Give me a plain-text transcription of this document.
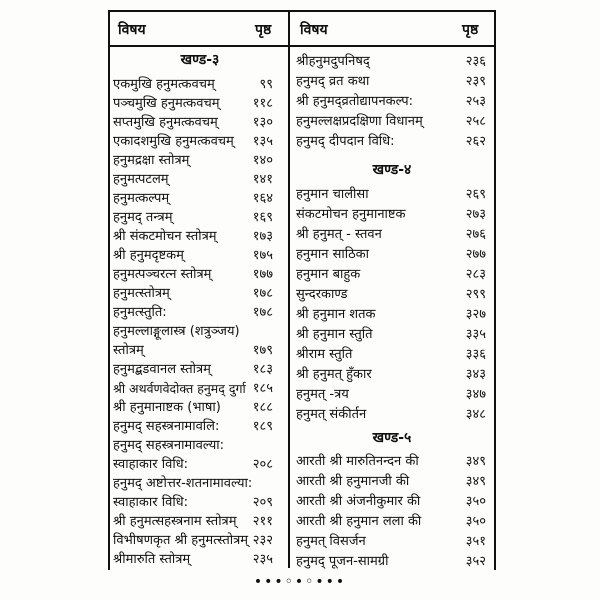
विषय	पृष्ठ विषय	पृष्ठ
खण्ड-३
एकमुखि हनुमत्कवचम्	९९
पञ्चमुखि हनुमत्कवचम्	११८
सप्तमुखि हनुमत्कवचम्	१३०
एकादशमुखि हनुमत्कवचम् १३५
हनुमद्रक्षा स्तोत्रम्	१४०
हनुमत्पटलम्	१४१
हनुमत्कल्पम्	१६४
हनुमद् तन्त्रम्	१६९
श्री संकटमोचन स्तोत्रम्	१७३
श्री हनुमदृष्टकम्	१७५
हनुमत्पञ्चरत्न स्तोत्रम्	१७७
हनुमत्स्तोत्रम्	१७८
हनुमत्स्तुति:	१७८
हनुमल्लाङ्गूलास्त्र (शत्रुञ्जय)
स्तोत्रम्	१७९
हनुमद्बडवानल स्तोत्रम्	१८३
श्री अथर्वणवेदोक्त हनुमद् दुर्गा १८५
श्री हनुमानाष्टक (भाषा) १८८
हनुमद् सहस्त्रनामावलि:	१८९
हनुमद् सहस्त्रनामावल्या:
स्वाहाकार विधि:	२०८
हनुमद् अष्टोत्तर-शतनामावल्या:
स्वाहाकार विधि:	२०९
श्री हनुमत्सहस्त्रनाम स्तोत्रम् २११
विभीषणकृत श्री हनुमत्स्तोत्रम् २३२
श्रीमारुति स्तोत्रम्	२३५
श्रीहनुमदुपनिषद्	२३६
हनुमद् व्रत कथा	२३९
श्री हनुमद्व्रतोद्यापनकल्प:	२५३
हनुमल्लक्षप्रदक्षिणा विधानम्	२५८
हनुमद् दीपदान विधि:	२६२
खण्ड-४
हनुमान चालीसा	२६९
संकटमोचन हनुमानाष्टक	२७३
श्री हनुमत् - स्तवन	२७६
हनुमान साठिका	२७७
हनुमान बाहुक	२८३
सुन्दरकाण्ड	२९९
श्री हनुमान शतक	३२७
श्री हनुमान स्तुति	३३५
श्रीराम स्तुति	३३६
श्री हनुमत् हुँकार	३४३
हनुमत् -त्रय	३४७
हनुमत् संकीर्तन	३४८
खण्ड-५
आरती श्री मारुतिनन्दन की	३४९
आरती श्री हनुमानजी की	३४९
आरती श्री अंजनीकुमार की	३५०
आरती श्री हनुमान लला की	३५०
हनुमत् विसर्जन	३५१
हनुमद् पूजन-सामग्री	३५२
•••◦•◦•••
